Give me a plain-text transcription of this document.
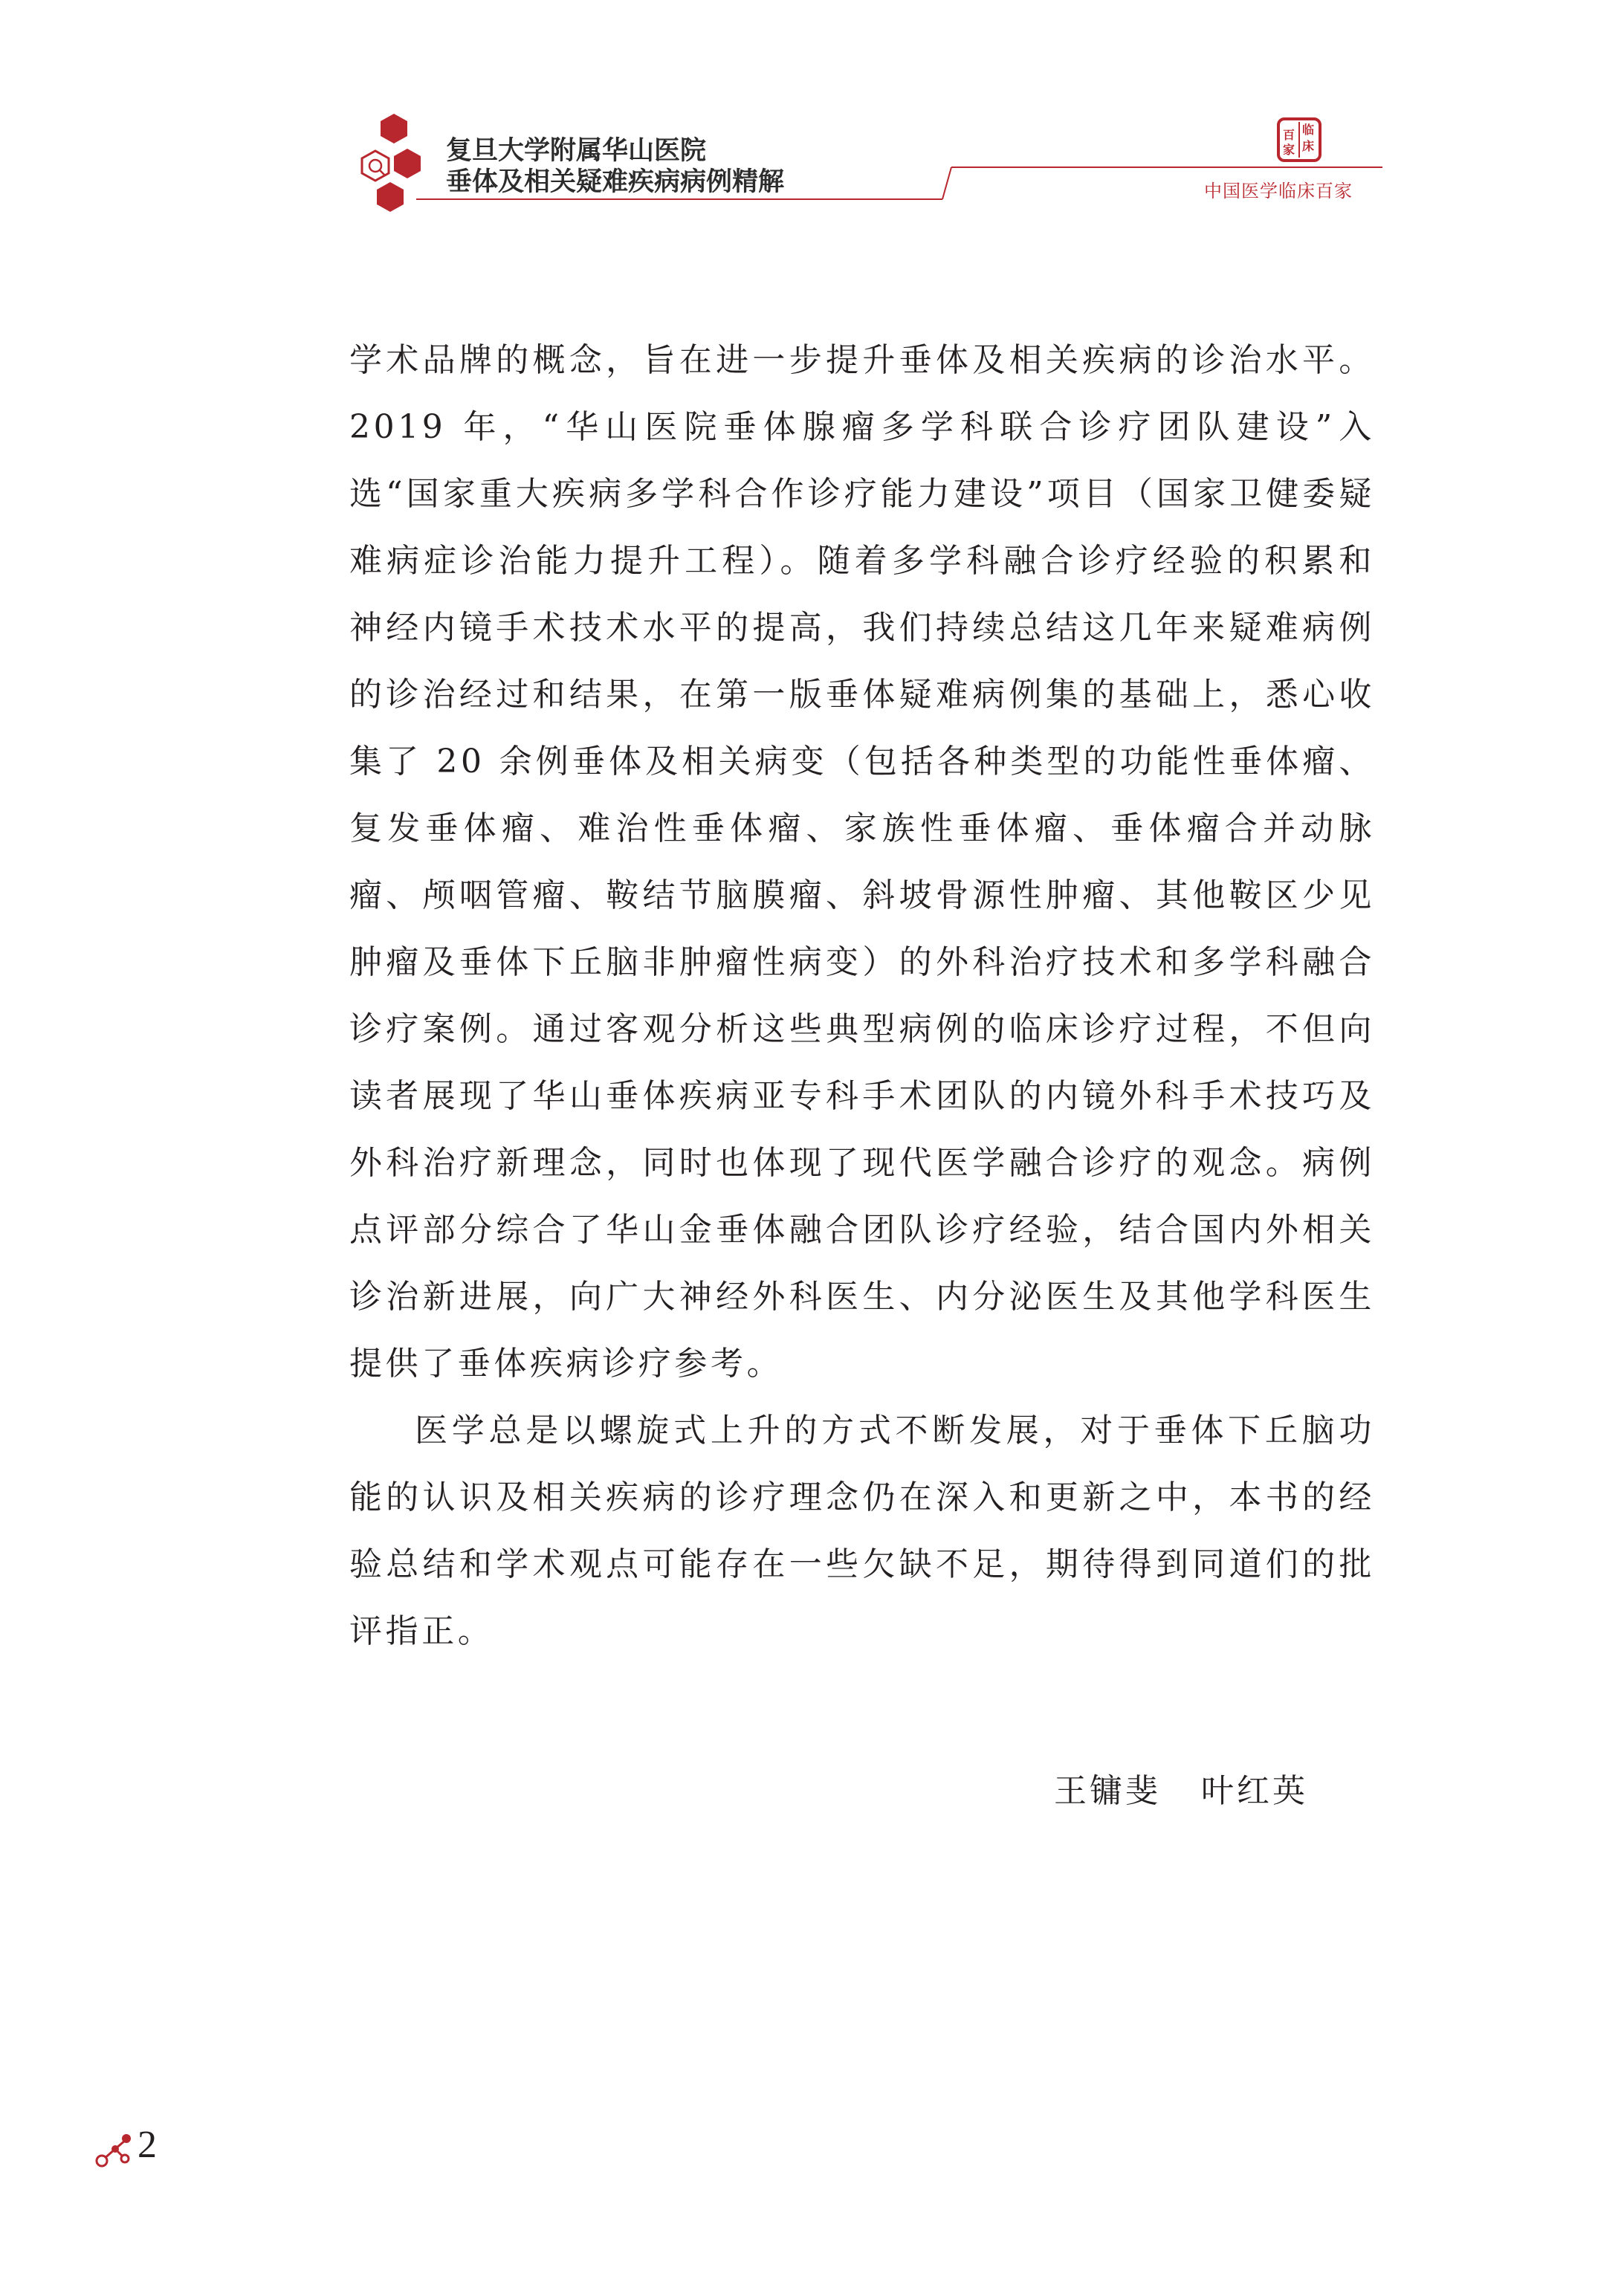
复旦大学附属华山医院
垂体及相关疑难疾病病例精解
临
百
家 床
中国医学临床百家

学术品牌的概念，旨在进一步提升垂体及相关疾病的诊治水平。2019 年，“华山医院垂体腺瘤多学科联合诊疗团队建设”入选“国家重大疾病多学科合作诊疗能力建设”项目（国家卫健委疑难病症诊治能力提升工程）。随着多学科融合诊疗经验的积累和神经内镜手术技术水平的提高，我们持续总结这几年来疑难病例的诊治经过和结果，在第一版垂体疑难病例集的基础上，悉心收集了 20 余例垂体及相关病变（包括各种类型的功能性垂体瘤、复发垂体瘤、难治性垂体瘤、家族性垂体瘤、垂体瘤合并动脉瘤、颅咽管瘤、鞍结节脑膜瘤、斜坡骨源性肿瘤、其他鞍区少见肿瘤及垂体下丘脑非肿瘤性病变）的外科治疗技术和多学科融合诊疗案例。通过客观分析这些典型病例的临床诊疗过程，不但向读者展现了华山垂体疾病亚专科手术团队的内镜外科手术技巧及外科治疗新理念，同时也体现了现代医学融合诊疗的观念。病例点评部分综合了华山金垂体融合团队诊疗经验，结合国内外相关诊治新进展，向广大神经外科医生、内分泌医生及其他学科医生提供了垂体疾病诊疗参考。

医学总是以螺旋式上升的方式不断发展，对于垂体下丘脑功能的认识及相关疾病的诊疗理念仍在深入和更新之中，本书的经验总结和学术观点可能存在一些欠缺不足，期待得到同道们的批评指正。

王镛斐   叶红英
2
